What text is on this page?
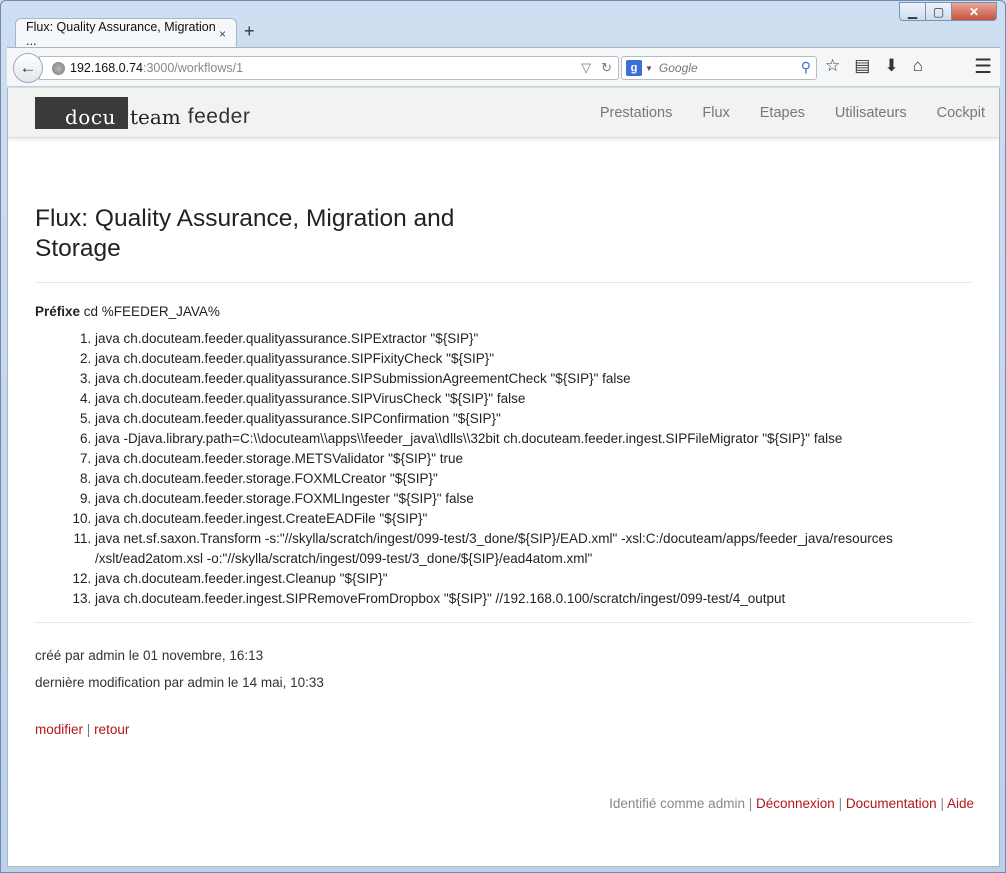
▁	▢	✕
Flux: Quality Assurance, Migration ...	× +
192.168.0.74 :3000/workflows/1	▽ ↻
←	g ▼ Google	⚲ ☆ ▤ ⬇ ⌂	☰
docu team feeder	Prestations Flux Etapes Utilisateurs Cockpit
Flux: Quality Assurance, Migration and Storage
Préfixe cd %FEEDER_JAVA%
1. java ch.docuteam.feeder.qualityassurance.SIPExtractor "${SIP}"
2. java ch.docuteam.feeder.qualityassurance.SIPFixityCheck "${SIP}"
3. java ch.docuteam.feeder.qualityassurance.SIPSubmissionAgreementCheck "${SIP}" false
4. java ch.docuteam.feeder.qualityassurance.SIPVirusCheck "${SIP}" false
5. java ch.docuteam.feeder.qualityassurance.SIPConfirmation "${SIP}"
6. java -Djava.library.path=C:\\docuteam\\apps\\feeder_java\\dlls\\32bit ch.docuteam.feeder.ingest.SIPFileMigrator "${SIP}" false
7. java ch.docuteam.feeder.storage.METSValidator "${SIP}" true
8. java ch.docuteam.feeder.storage.FOXMLCreator "${SIP}"
9. java ch.docuteam.feeder.storage.FOXMLIngester "${SIP}" false
10. java ch.docuteam.feeder.ingest.CreateEADFile "${SIP}"
11. java net.sf.saxon.Transform -s:"//skylla/scratch/ingest/099-test/3_done/${SIP}/EAD.xml" -xsl:C:/docuteam/apps/feeder_java/resources /xslt/ead2atom.xsl -o:"//skylla/scratch/ingest/099-test/3_done/${SIP}/ead4atom.xml"
12. java ch.docuteam.feeder.ingest.Cleanup "${SIP}"
13. java ch.docuteam.feeder.ingest.SIPRemoveFromDropbox "${SIP}" //192.168.0.100/scratch/ingest/099-test/4_output
créé par admin le 01 novembre, 16:13
dernière modification par admin le 14 mai, 10:33
modifier | retour
Identifié comme admin | Déconnexion | Documentation | Aide
